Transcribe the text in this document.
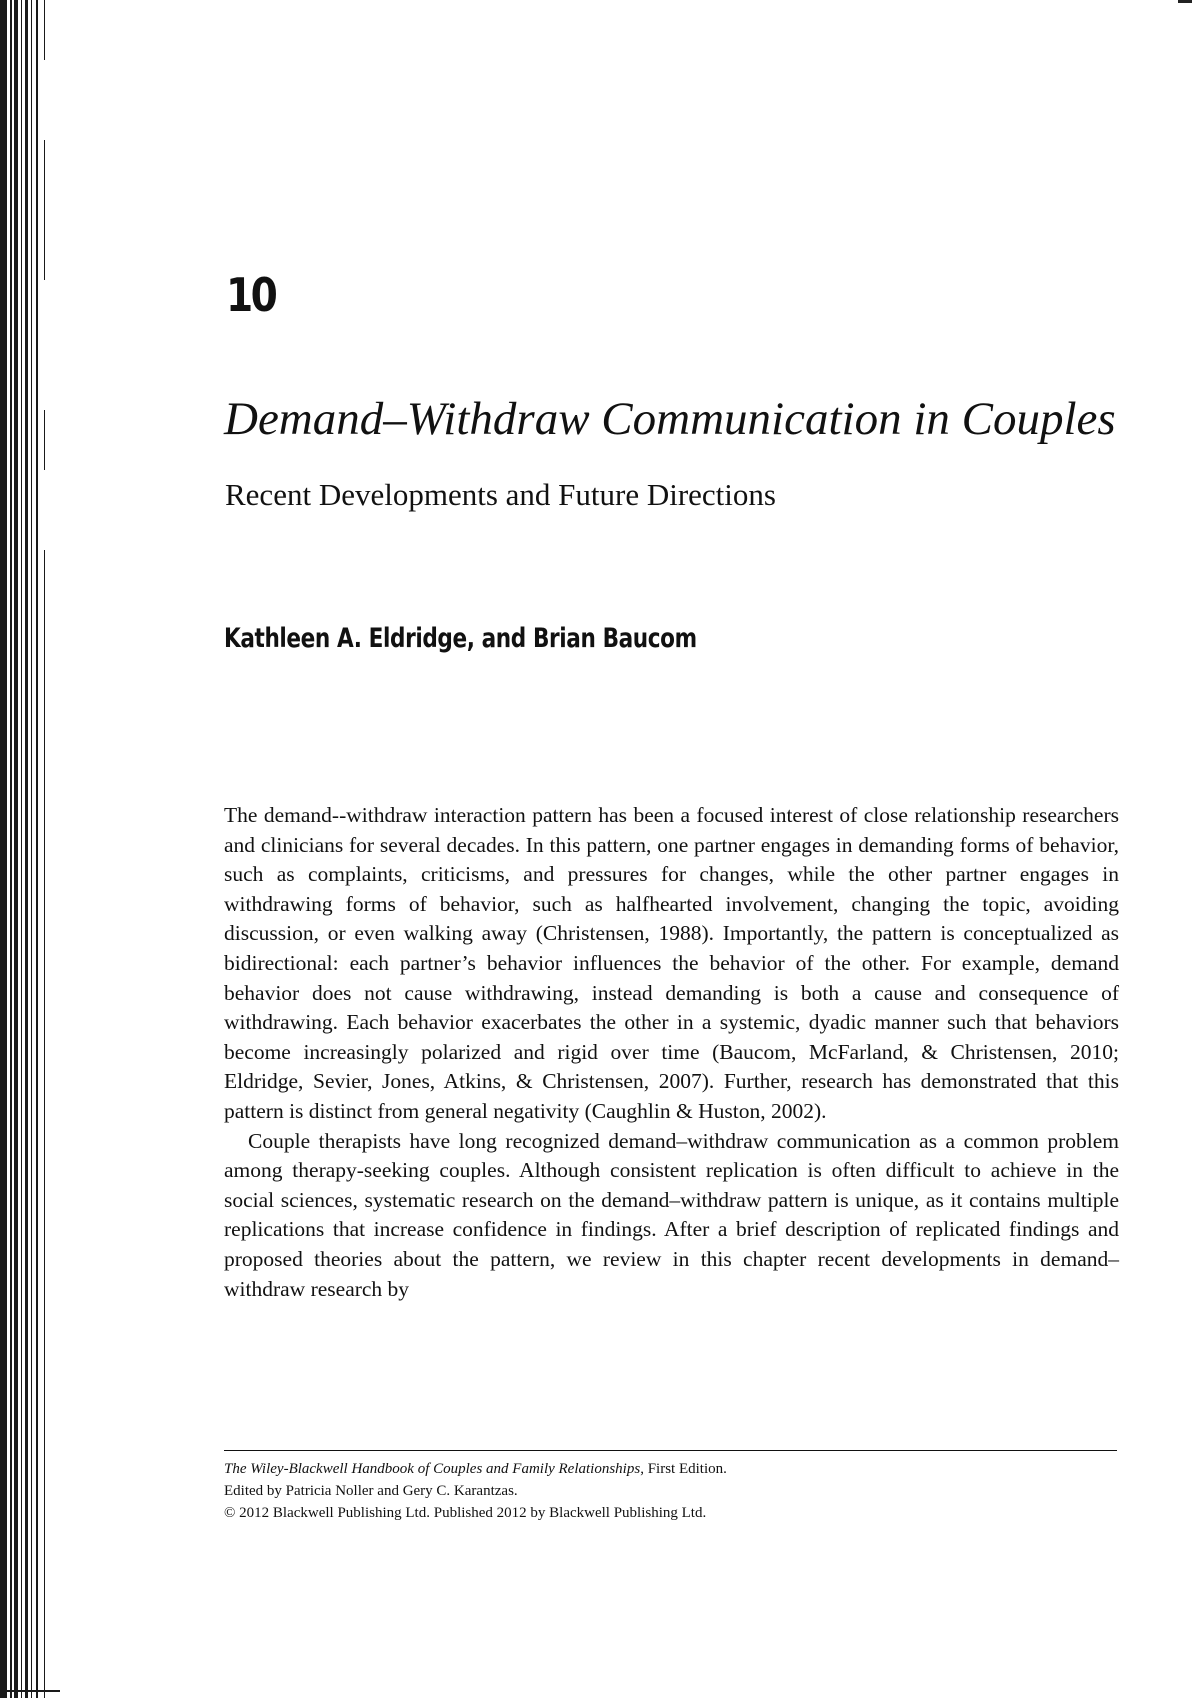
10
Demand–Withdraw Communication in Couples
Recent Developments and Future Directions
Kathleen A. Eldridge, and Brian Baucom

The demand--withdraw interaction pattern has been a focused interest of close relationship researchers and clinicians for several decades. In this pattern, one partner engages in demanding forms of behavior, such as complaints, criticisms, and pressures for changes, while the other partner engages in withdrawing forms of behavior, such as halfhearted involvement, changing the topic, avoiding discussion, or even walking away (Christensen, 1988). Importantly, the pattern is conceptualized as bidirectional: each partner’s behavior influences the behavior of the other. For example, demand behavior does not cause withdrawing, instead demanding is both a cause and consequence of withdrawing. Each behavior exacerbates the other in a systemic, dyadic manner such that behaviors become increasingly polarized and rigid over time (Baucom, McFarland, & Christensen, 2010; Eldridge, Sevier, Jones, Atkins, & Christensen, 2007). Further, research has demonstrated that this pattern is distinct from general negativity (Caughlin & Huston, 2002).

Couple therapists have long recognized demand–withdraw communication as a common problem among therapy-seeking couples. Although consistent replication is often difficult to achieve in the social sciences, systematic research on the demand–withdraw pattern is unique, as it contains multiple replications that increase confidence in findings. After a brief description of replicated findings and proposed theories about the pattern, we review in this chapter recent developments in demand–withdraw research by

The Wiley-Blackwell Handbook of Couples and Family Relationships, First Edition.
Edited by Patricia Noller and Gery C. Karantzas.
© 2012 Blackwell Publishing Ltd. Published 2012 by Blackwell Publishing Ltd.
